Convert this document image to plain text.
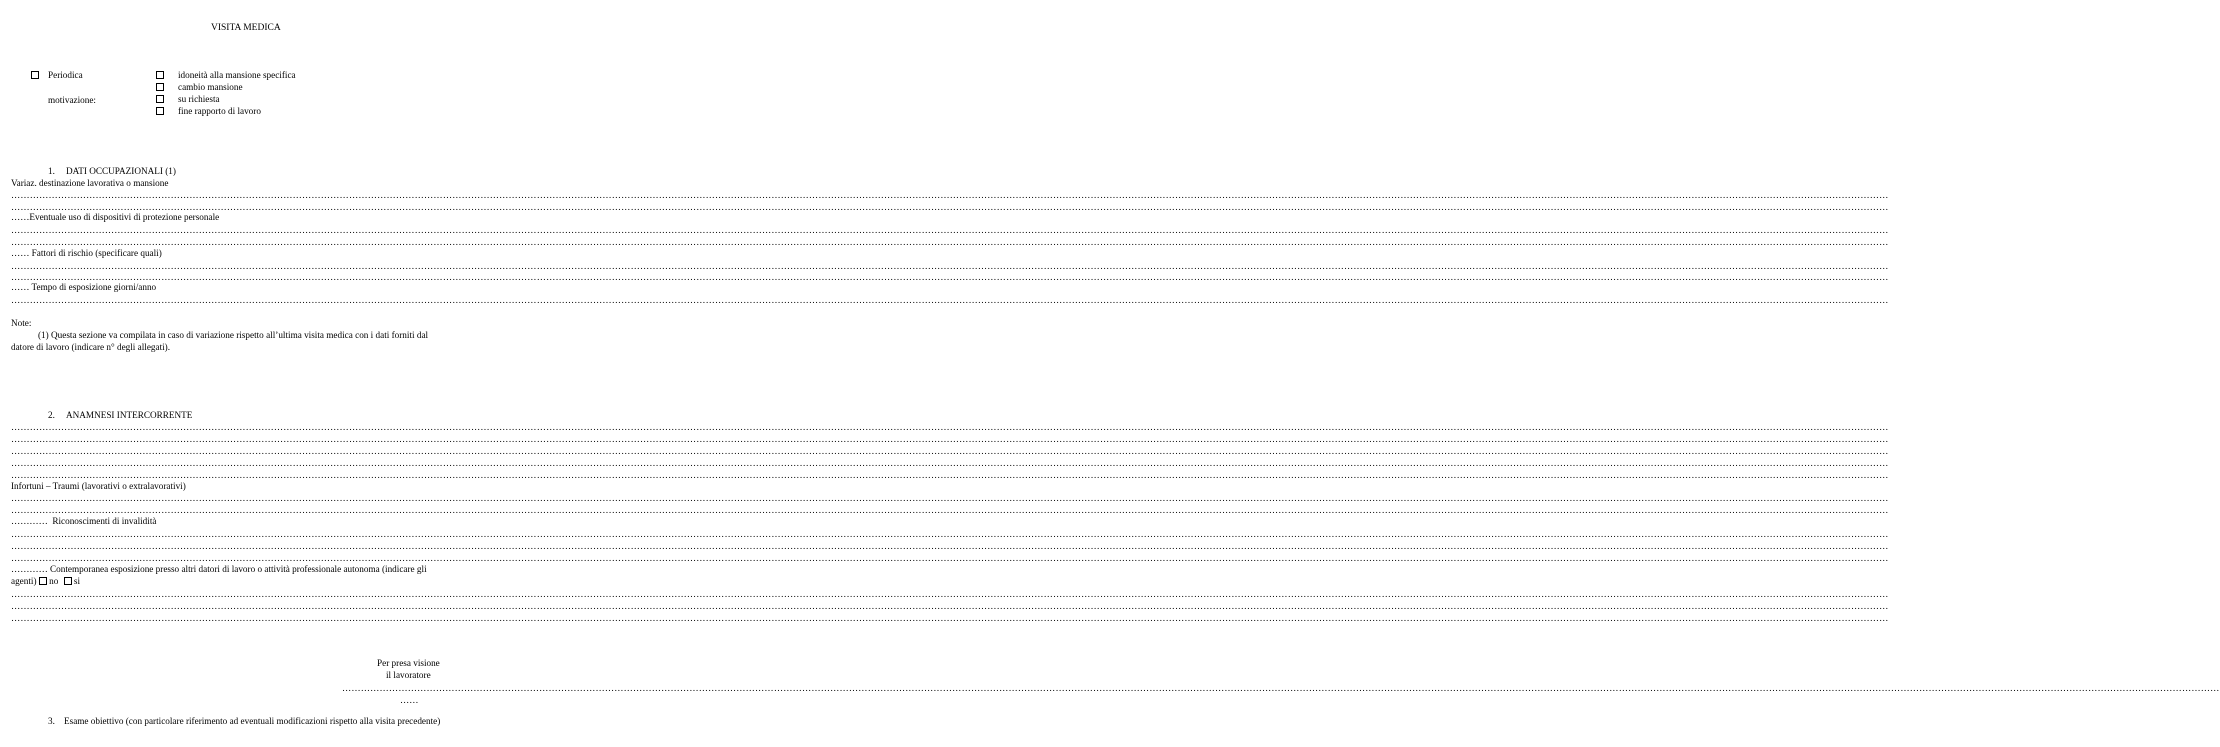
VISITA MEDICA
Periodica
motivazione:
idoneità alla mansione specifica
cambio mansione
su richiesta
fine rapporto di lavoro
1. DATI OCCUPAZIONALI (1)
Variaz. destinazione lavorativa o mansione
……………………………………………………………………………………………………………………………………………………………………………………………………………………………………………………………………………………………………………………………………………………………………………………………………………………………………………………………………………………………………………………………………………………
……………………………………………………………………………………………………………………………………………………………………………………………………………………………………………………………………………………………………………………………………………………………………………………………………………………………………………………………………………………………………………………………………………………
……Eventuale uso di dispositivi di protezione personale
……………………………………………………………………………………………………………………………………………………………………………………………………………………………………………………………………………………………………………………………………………………………………………………………………………………………………………………………………………………………………………………………………………………
……………………………………………………………………………………………………………………………………………………………………………………………………………………………………………………………………………………………………………………………………………………………………………………………………………………………………………………………………………………………………………………………………………………
…… Fattori di rischio (specificare quali)
……………………………………………………………………………………………………………………………………………………………………………………………………………………………………………………………………………………………………………………………………………………………………………………………………………………………………………………………………………………………………………………………………………………
……………………………………………………………………………………………………………………………………………………………………………………………………………………………………………………………………………………………………………………………………………………………………………………………………………………………………………………………………………………………………………………………………………………
…… Tempo di esposizione giorni/anno
……………………………………………………………………………………………………………………………………………………………………………………………………………………………………………………………………………………………………………………………………………………………………………………………………………………………………………………………………………………………………………………………………………………
Note:
(1) Questa sezione va compilata in caso di variazione rispetto all’ultima visita medica con i dati forniti dal
datore di lavoro (indicare n° degli allegati).
2. ANAMNESI INTERCORRENTE
……………………………………………………………………………………………………………………………………………………………………………………………………………………………………………………………………………………………………………………………………………………………………………………………………………………………………………………………………………………………………………………………………………………
……………………………………………………………………………………………………………………………………………………………………………………………………………………………………………………………………………………………………………………………………………………………………………………………………………………………………………………………………………………………………………………………………………………
……………………………………………………………………………………………………………………………………………………………………………………………………………………………………………………………………………………………………………………………………………………………………………………………………………………………………………………………………………………………………………………………………………………
……………………………………………………………………………………………………………………………………………………………………………………………………………………………………………………………………………………………………………………………………………………………………………………………………………………………………………………………………………………………………………………………………………………
……………………………………………………………………………………………………………………………………………………………………………………………………………………………………………………………………………………………………………………………………………………………………………………………………………………………………………………………………………………………………………………………………………………
Infortuni – Traumi (lavorativi o extralavorativi)
……………………………………………………………………………………………………………………………………………………………………………………………………………………………………………………………………………………………………………………………………………………………………………………………………………………………………………………………………………………………………………………………………………………
……………………………………………………………………………………………………………………………………………………………………………………………………………………………………………………………………………………………………………………………………………………………………………………………………………………………………………………………………………………………………………………………………………………
………… Riconoscimenti di invalidità
……………………………………………………………………………………………………………………………………………………………………………………………………………………………………………………………………………………………………………………………………………………………………………………………………………………………………………………………………………………………………………………………………………………
……………………………………………………………………………………………………………………………………………………………………………………………………………………………………………………………………………………………………………………………………………………………………………………………………………………………………………………………………………………………………………………………………………………
……………………………………………………………………………………………………………………………………………………………………………………………………………………………………………………………………………………………………………………………………………………………………………………………………………………………………………………………………………………………………………………………………………………
………… Contemporanea esposizione presso altri datori di lavoro o attività professionale autonoma (indicare gli
agenti) no si
……………………………………………………………………………………………………………………………………………………………………………………………………………………………………………………………………………………………………………………………………………………………………………………………………………………………………………………………………………………………………………………………………………………
……………………………………………………………………………………………………………………………………………………………………………………………………………………………………………………………………………………………………………………………………………………………………………………………………………………………………………………………………………………………………………………………………………………
……………………………………………………………………………………………………………………………………………………………………………………………………………………………………………………………………………………………………………………………………………………………………………………………………………………………………………………………………………………………………………………………………………………
Per presa visione
il lavoratore
……………………………………………………………………………………………………………………………………………………………………………………………………………………………………………………………………………………………………………………………………………………………………………………………………………………………………………………………………………………………………………………………………………………
……
3. Esame obiettivo (con particolare riferimento ad eventuali modificazioni rispetto alla visita precedente)
